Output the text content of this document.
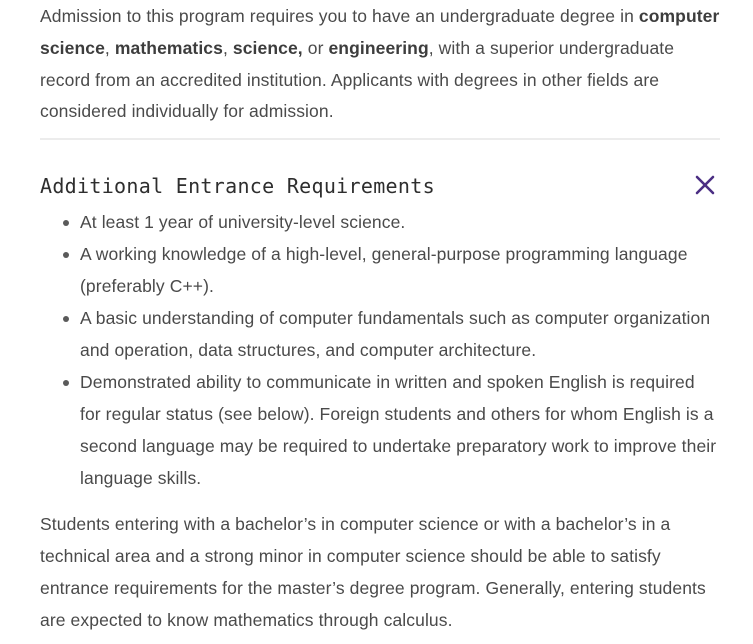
Admission to this program requires you to have an undergraduate degree in computer science, mathematics, science, or engineering, with a superior undergraduate record from an accredited institution. Applicants with degrees in other fields are considered individually for admission.

Additional Entrance Requirements
At least 1 year of university-level science.
A working knowledge of a high-level, general-purpose programming language (preferably C++).
A basic understanding of computer fundamentals such as computer organization and operation, data structures, and computer architecture.
Demonstrated ability to communicate in written and spoken English is required for regular status (see below). Foreign students and others for whom English is a second language may be required to undertake preparatory work to improve their language skills.

Students entering with a bachelor’s in computer science or with a bachelor’s in a technical area and a strong minor in computer science should be able to satisfy entrance requirements for the master’s degree program. Generally, entering students are expected to know mathematics through calculus.
